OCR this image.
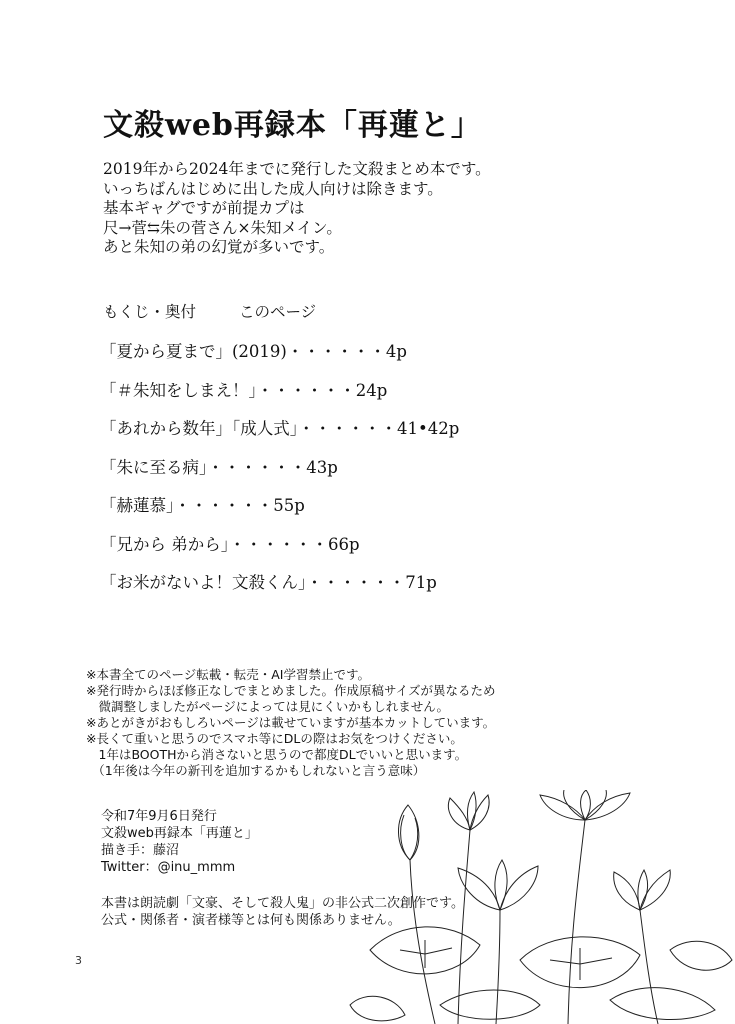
文殺web再録本「再蓮と」
2019年から2024年までに発行した文殺まとめ本です。
いっちばんはじめに出した成人向けは除きます。
基本ギャグですが前提カプは
尺→菅⇆朱の菅さん×朱知メイン。
あと朱知の弟の幻覚が多いです。
もくじ・奥付	このページ
「夏から夏まで」(2019)・・・・・・4p
「＃朱知をしまえ！」・・・・・・24p
「あれから数年」「成人式」・・・・・・41•42p
「朱に至る病」・・・・・・43p
「赫蓮慕」・・・・・・55p
「兄から 弟から」・・・・・・66p
「お米がないよ！文殺くん」・・・・・・71p
※本書全てのページ転載・転売・AI学習禁止です。
※発行時からほぼ修正なしでまとめました。作成原稿サイズが異なるため
　微調整しましたがページによっては見にくいかもしれません。
※あとがきがおもしろいページは載せていますが基本カットしています。
※長くて重いと思うのでスマホ等にDLの際はお気をつけください。
　1年はBOOTHから消さないと思うので都度DLでいいと思います。
　（1年後は今年の新刊を追加するかもしれないと言う意味）
令和7年9月6日発行
文殺web再録本「再蓮と」
描き手：藤沼
Twitter：@inu_mmm
本書は朗読劇「文豪、そして殺人鬼」の非公式二次創作です。
公式・関係者・演者様等とは何も関係ありません。
3
